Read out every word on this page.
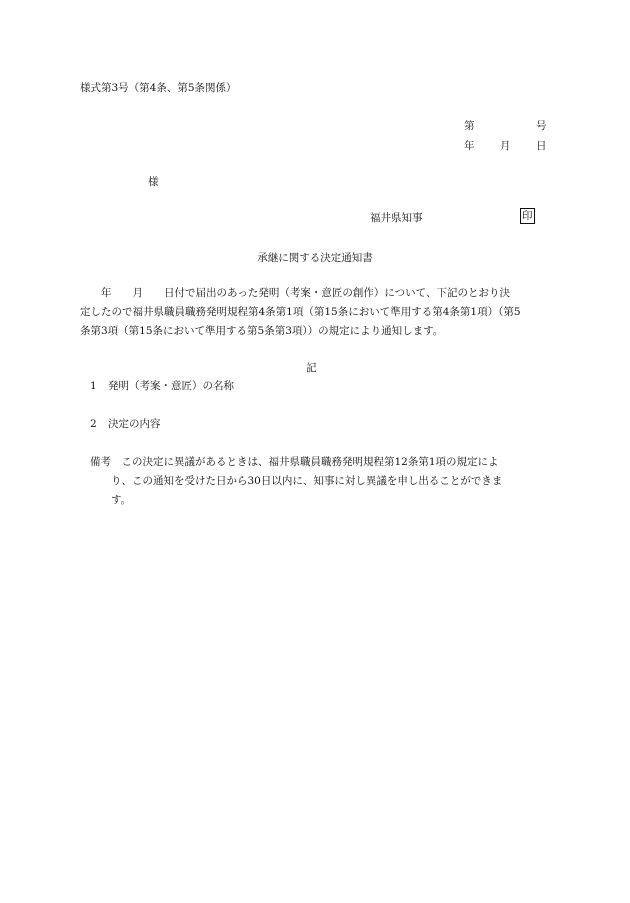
様式第3号（第4条、第5条関係）
第	号
年 月 日
様
福井県知事	印
承継に関する決定通知書
　　年　　月　　日付で届出のあった発明（考案・意匠の創作）について、下記のとおり決
定したので福井県職員職務発明規程第4条第1項（第15条において準用する第4条第1項）（第5
条第3項（第15条において準用する第5条第3項））の規定により通知します。
記
1 発明（考案・意匠）の名称
2 決定の内容
備考　この決定に異議があるときは、福井県職員職務発明規程第12条第1項の規定によ
り、この通知を受けた日から30日以内に、知事に対し異議を申し出ることができま
す。
